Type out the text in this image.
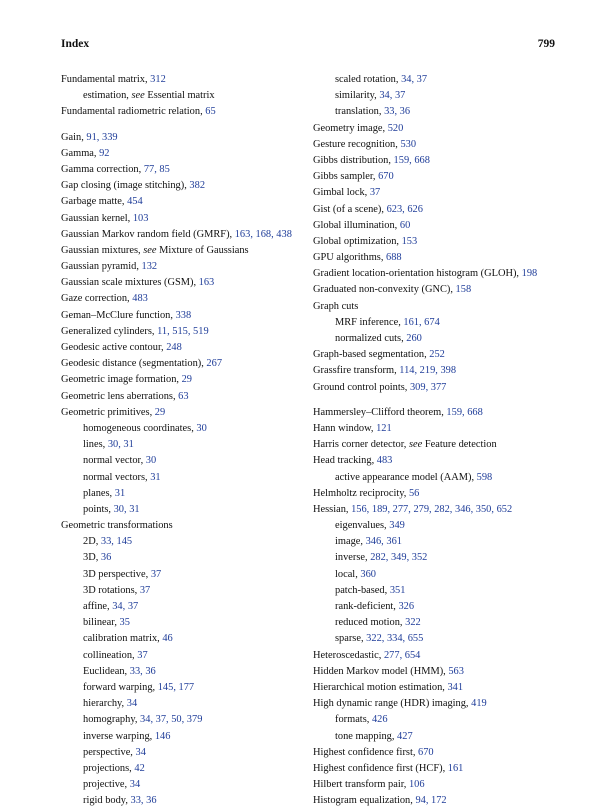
Index	799
Fundamental matrix, 312
estimation, see Essential matrix
Fundamental radiometric relation, 65
Gain, 91, 339
Gamma, 92
Gamma correction, 77, 85
Gap closing (image stitching), 382
Garbage matte, 454
Gaussian kernel, 103
Gaussian Markov random field (GMRF), 163, 168, 438
Gaussian mixtures, see Mixture of Gaussians
Gaussian pyramid, 132
Gaussian scale mixtures (GSM), 163
Gaze correction, 483
Geman–McClure function, 338
Generalized cylinders, 11, 515, 519
Geodesic active contour, 248
Geodesic distance (segmentation), 267
Geometric image formation, 29
Geometric lens aberrations, 63
Geometric primitives, 29
homogeneous coordinates, 30
lines, 30, 31
normal vector, 30
normal vectors, 31
planes, 31
points, 30, 31
Geometric transformations
2D, 33, 145
3D, 36
3D perspective, 37
3D rotations, 37
affine, 34, 37
bilinear, 35
calibration matrix, 46
collineation, 37
Euclidean, 33, 36
forward warping, 145, 177
hierarchy, 34
homography, 34, 37, 50, 379
inverse warping, 146
perspective, 34
projections, 42
projective, 34
rigid body, 33, 36
scaled rotation, 34, 37
similarity, 34, 37
translation, 33, 36
Geometry image, 520
Gesture recognition, 530
Gibbs distribution, 159, 668
Gibbs sampler, 670
Gimbal lock, 37
Gist (of a scene), 623, 626
Global illumination, 60
Global optimization, 153
GPU algorithms, 688
Gradient location-orientation histogram (GLOH), 198
Graduated non-convexity (GNC), 158
Graph cuts
MRF inference, 161, 674
normalized cuts, 260
Graph-based segmentation, 252
Grassfire transform, 114, 219, 398
Ground control points, 309, 377
Hammersley–Clifford theorem, 159, 668
Hann window, 121
Harris corner detector, see Feature detection
Head tracking, 483
active appearance model (AAM), 598
Helmholtz reciprocity, 56
Hessian, 156, 189, 277, 279, 282, 346, 350, 652
eigenvalues, 349
image, 346, 361
inverse, 282, 349, 352
local, 360
patch-based, 351
rank-deficient, 326
reduced motion, 322
sparse, 322, 334, 655
Heteroscedastic, 277, 654
Hidden Markov model (HMM), 563
Hierarchical motion estimation, 341
High dynamic range (HDR) imaging, 419
formats, 426
tone mapping, 427
Highest confidence first, 670
Highest confidence first (HCF), 161
Hilbert transform pair, 106
Histogram equalization, 94, 172
